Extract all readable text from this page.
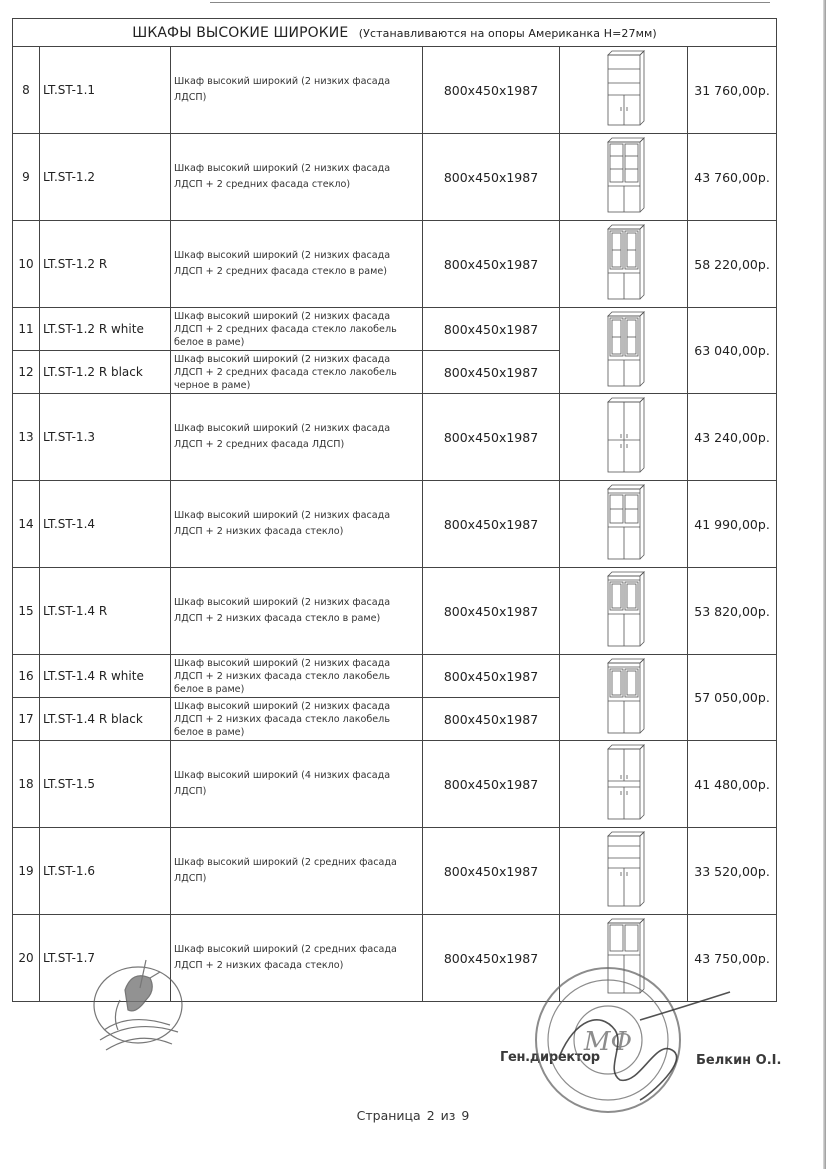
ШКАФЫ ВЫСОКИЕ ШИРОКИЕ (Устанавливаются на опоры Американка Н=27мм)					
8	LT.ST-1.1	Шкаф высокий широкий (2 низких фасада ЛДСП)	800x450x1987		31 760,00р.
9	LT.ST-1.2	Шкаф высокий широкий (2 низких фасада ЛДСП + 2 средних фасада стекло)	800x450x1987		43 760,00р.
10	LT.ST-1.2 R	Шкаф высокий широкий (2 низких фасада ЛДСП + 2 средних фасада стекло в раме)	800x450x1987		58 220,00р.
11	LT.ST-1.2 R white	Шкаф высокий широкий (2 низких фасада ЛДСП + 2 средних фасада стекло лакобель белое в раме)	800x450x1987		63 040,00р.
12	LT.ST-1.2 R black	Шкаф высокий широкий (2 низких фасада ЛДСП + 2 средних фасада стекло лакобель черное в раме)	800x450x1987		
13	LT.ST-1.3	Шкаф высокий широкий (2 низких фасада ЛДСП + 2 средних фасада ЛДСП)	800x450x1987		43 240,00р.
14	LT.ST-1.4	Шкаф высокий широкий (2 низких фасада ЛДСП + 2 низких фасада стекло)	800x450x1987		41 990,00р.
15	LT.ST-1.4 R	Шкаф высокий широкий (2 низких фасада ЛДСП + 2 низких фасада стекло в раме)	800x450x1987		53 820,00р.
16	LT.ST-1.4 R white	Шкаф высокий широкий (2 низких фасада ЛДСП + 2 низких фасада стекло лакобель белое в раме)	800x450x1987		57 050,00р.
17	LT.ST-1.4 R black	Шкаф высокий широкий (2 низких фасада ЛДСП + 2 низких фасада стекло лакобель белое в раме)	800x450x1987		
18	LT.ST-1.5	Шкаф высокий широкий (4 низких фасада ЛДСП)	800x450x1987		41 480,00р.
19	LT.ST-1.6	Шкаф высокий широкий (2 средних фасада ЛДСП)	800x450x1987		33 520,00р.
20	LT.ST-1.7	Шкаф высокий широкий (2 средних фасада ЛДСП + 2 низких фасада стекло)	800x450x1987		43 750,00р.
Ген.директор	Белкин О.І.
МФ
Страница 2 из 9
